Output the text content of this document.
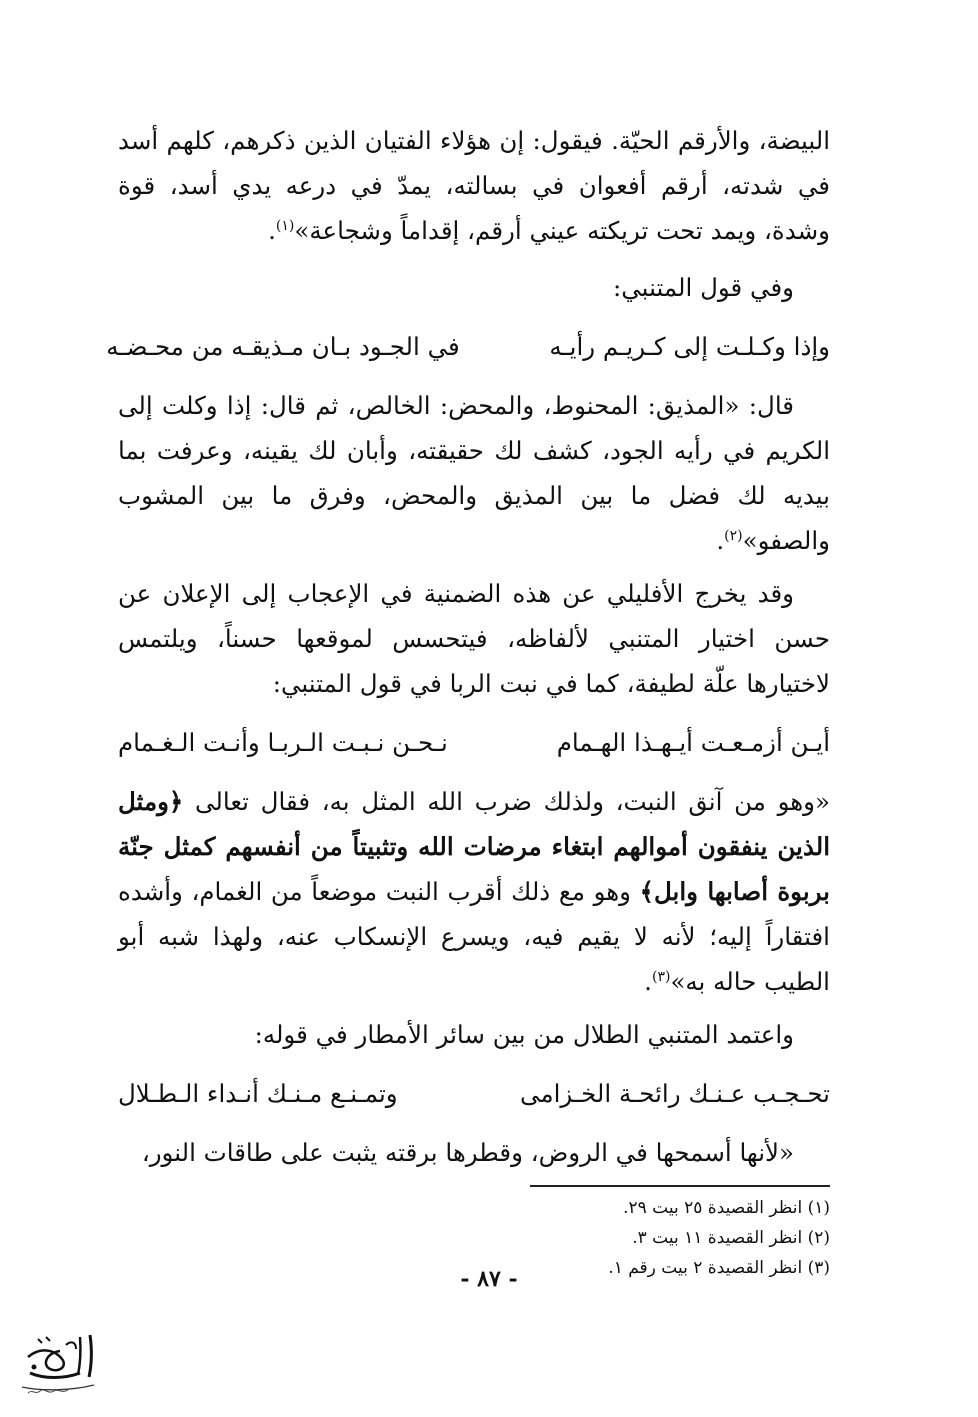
البيضة، والأرقم الحيّة. فيقول: إن هؤلاء الفتيان الذين ذكرهم، كلهم أسد في شدته، أرقم أفعوان في بسالته، يمدّ في درعه يدي أسد، قوة وشدة، ويمد تحت تريكته عيني أرقم، إقداماً وشجاعة»$^{(١)}$.

وفي قول المتنبي:

وإذا وكـلـت إلى كـريـم رأيـه
في الجـود بـان مـذيقـه من محـضـه

قال: «المذيق: المحنوط، والمحض: الخالص، ثم قال: إذا وكلت إلى الكريم في رأيه الجود، كشف لك حقيقته، وأبان لك يقينه، وعرفت بما بيديه لك فضل ما بين المذيق والمحض، وفرق ما بين المشوب والصفو»$^{(٢)}$.

وقد يخرج الأفليلي عن هذه الضمنية في الإعجاب إلى الإعلان عن حسن اختيار المتنبي لألفاظه، فيتحسس لموقعها حسناً، ويلتمس لاختيارها علّة لطيفة، كما في نبت الربا في قول المتنبي:

أيـن أزمـعـت أيـهـذا الهـمام
نـحـن نـبـت الـربـا وأنـت الـغـمام

«وهو من آنق النبت، ولذلك ضرب الله المثل به، فقال تعالى ﴿ومثل الذين ينفقون أموالهم ابتغاء مرضات الله وتثبيتاً من أنفسهم كمثل جنّة بربوة أصابها وابل﴾ وهو مع ذلك أقرب النبت موضعاً من الغمام، وأشده افتقاراً إليه؛ لأنه لا يقيم فيه، ويسرع الإنسكاب عنه، ولهذا شبه أبو الطيب حاله به»$^{(٣)}$.

واعتمد المتنبي الطلال من بين سائر الأمطار في قوله:

تحـجـب عـنـك رائحـة الخـزامى
وتمـنـع مـنـك أنـداء الـطـلال

«لأنها أسمحها في الروض، وقطرها برقته يثبت على طاقات النور،

(١) انظر القصيدة ٢٥ بيت ٢٩.

(٢) انظر القصيدة ١١ بيت ٣.

(٣) انظر القصيدة ٢ بيت رقم ١.

- ٨٧ -
